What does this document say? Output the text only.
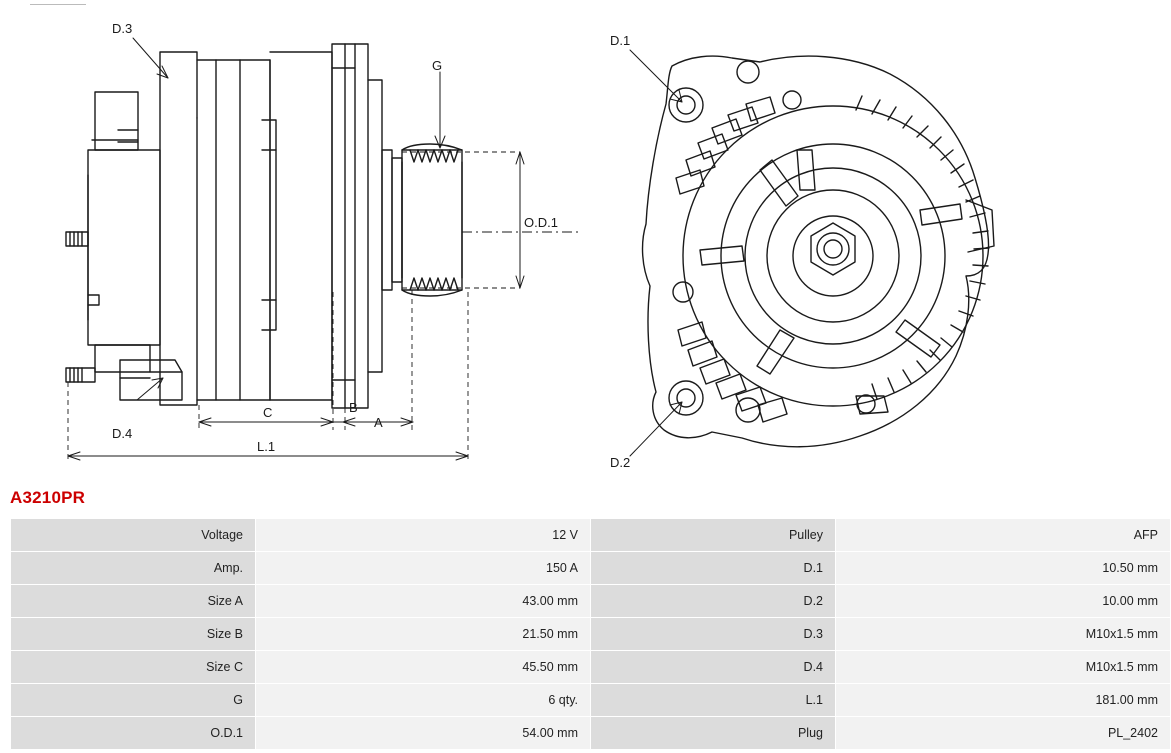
D.3
D.4
G
O.D.1
A
B
C
L.1
D.1
D.2
A3210PR
Voltage	12 V	Pulley	AFP
Amp.	150 A	D.1	10.50 mm
Size A	43.00 mm	D.2	10.00 mm
Size B	21.50 mm	D.3	M10x1.5 mm
Size C	45.50 mm	D.4	M10x1.5 mm
G	6 qty.	L.1	181.00 mm
O.D.1	54.00 mm	Plug	PL_2402
